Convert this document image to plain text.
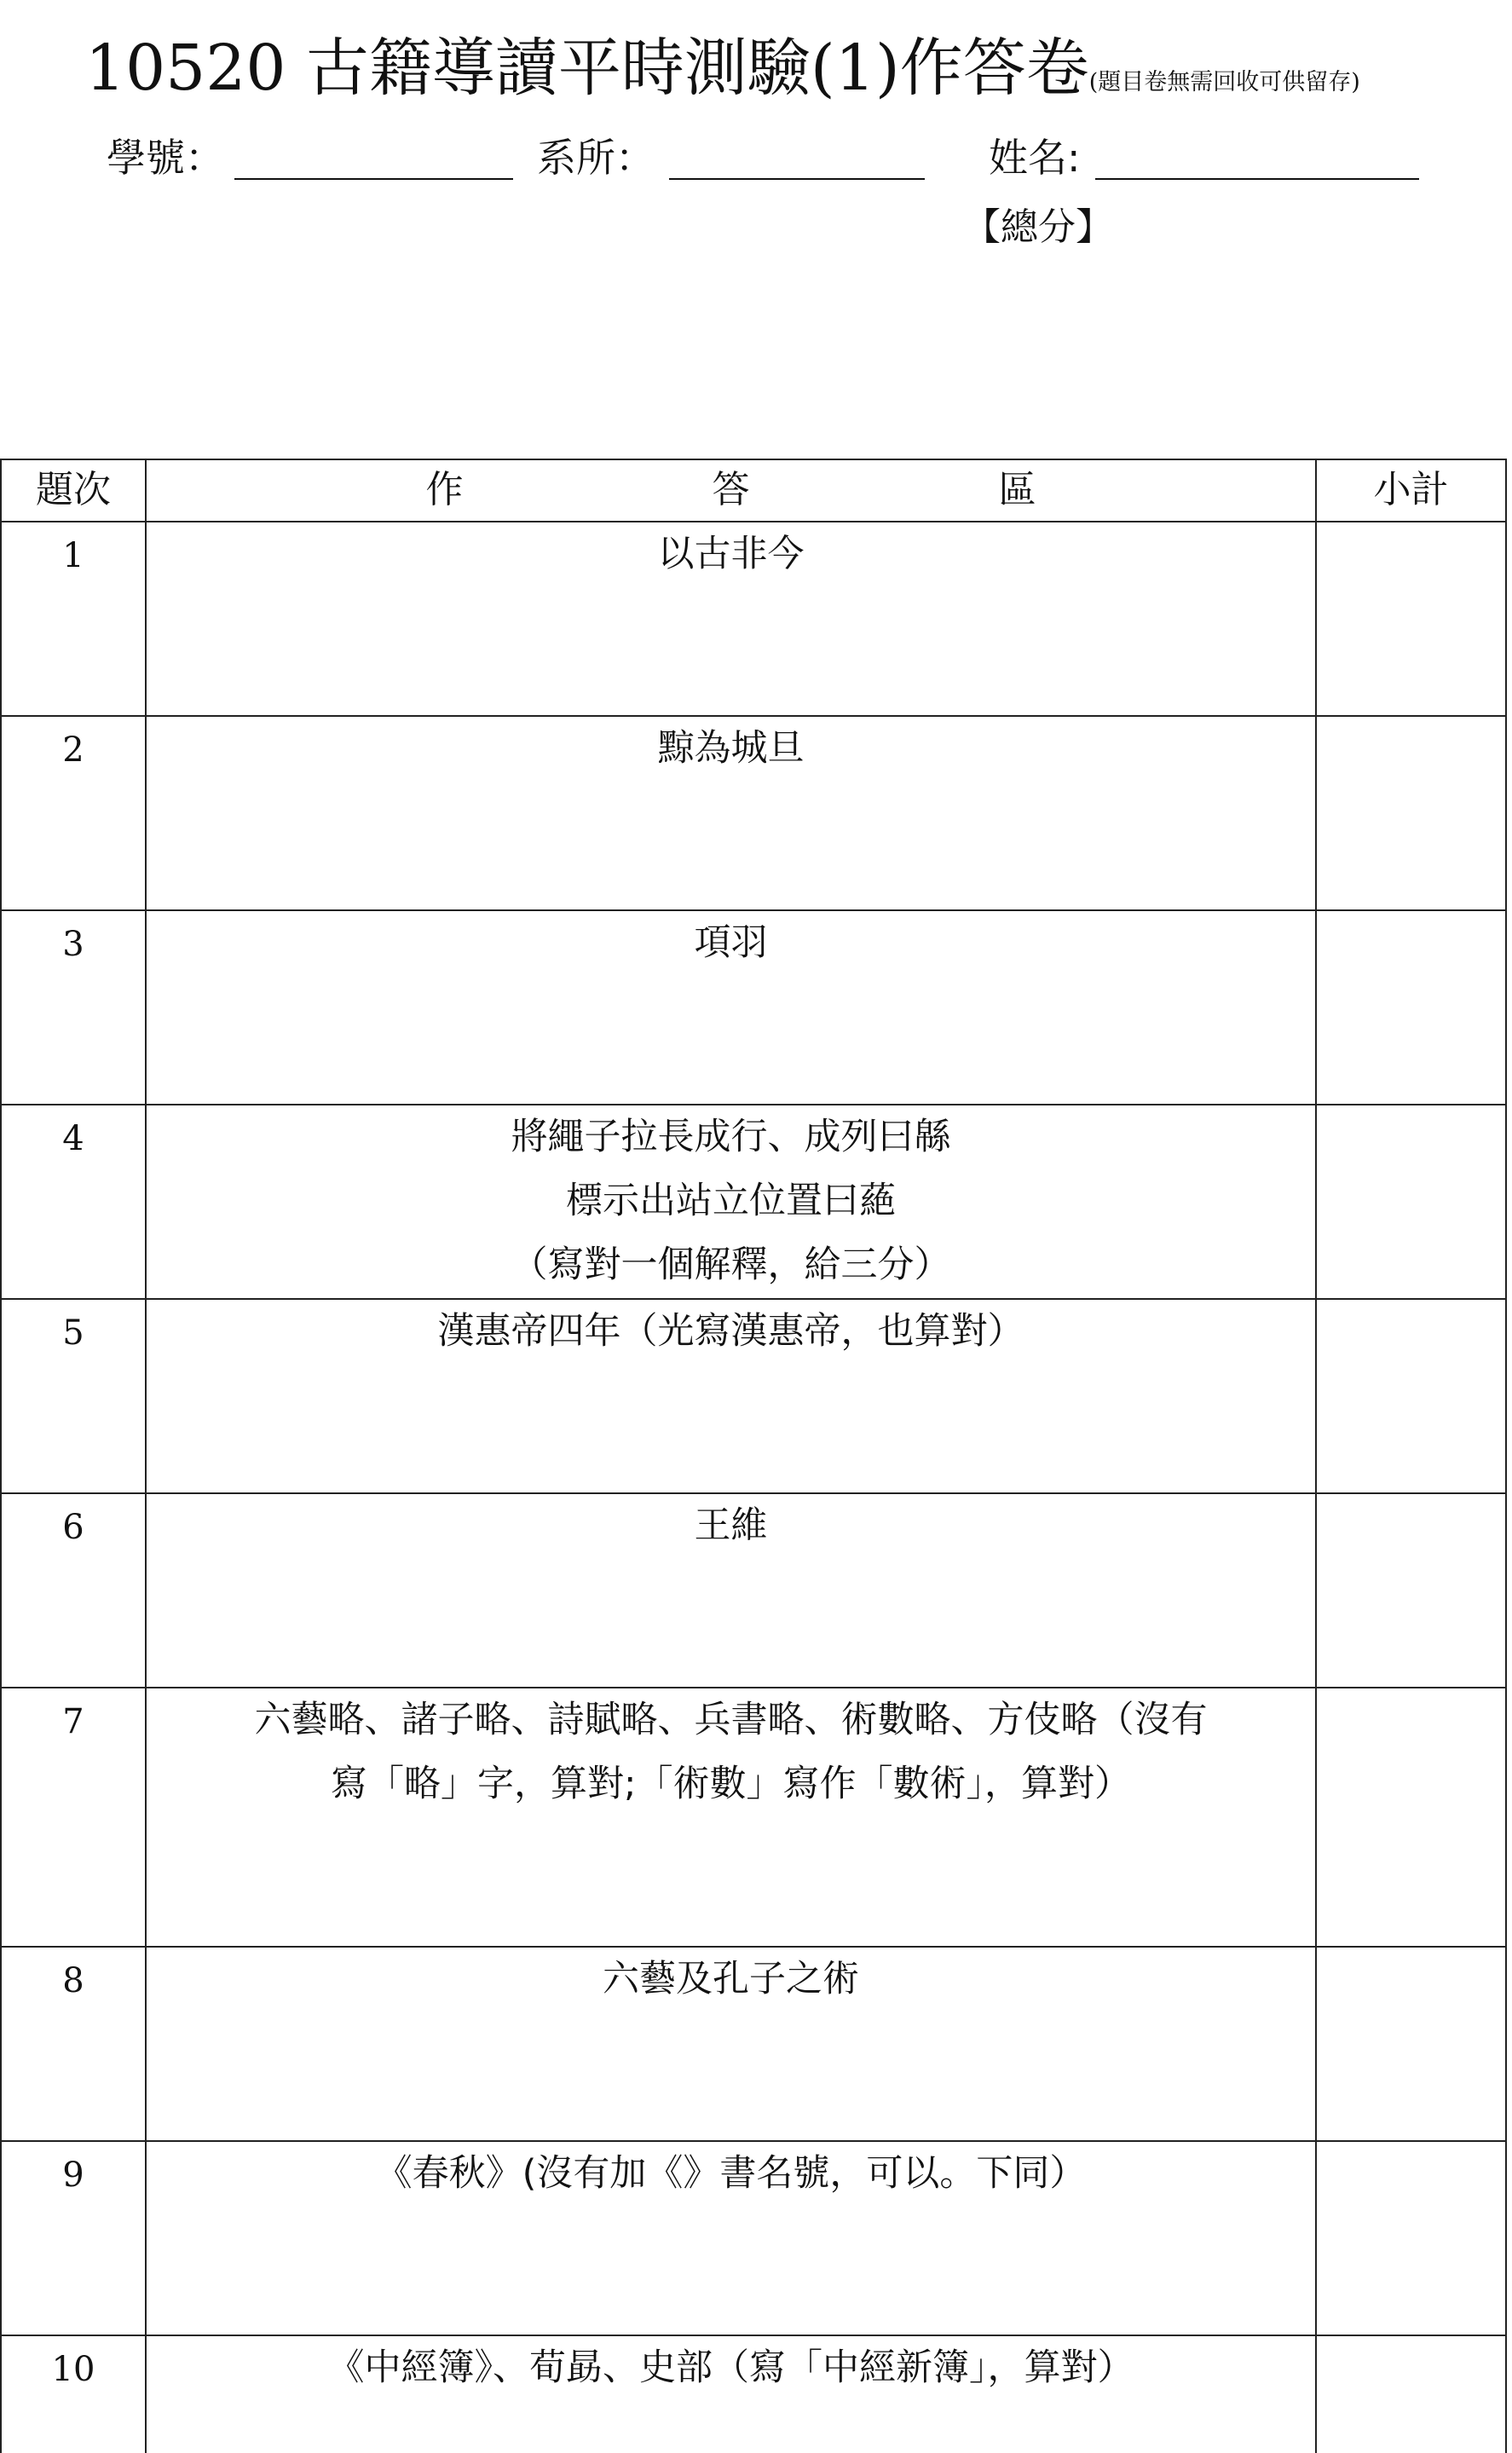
10520 古籍導讀平時測驗(1)作答卷(題目卷無需回收可供留存)
學號：	系所：	姓名:
【總分】
題次	作 答 區	小計
1	以古非今	
2	黥為城旦	
3	項羽	
4	將繩子拉長成行、成列曰緜
標示出站立位置曰蕝
（寫對一個解釋，給三分）	
5	漢惠帝四年（光寫漢惠帝，也算對）	
6	王維	
7	六藝略、諸子略、詩賦略、兵書略、術數略、方伎略（沒有
寫「略」字，算對;「術數」寫作「數術」，算對）	
8	六藝及孔子之術	
9	《春秋》(沒有加《》書名號，可以。下同）	
10	《中經簿》、荀勗、史部（寫「中經新簿」，算對）	
